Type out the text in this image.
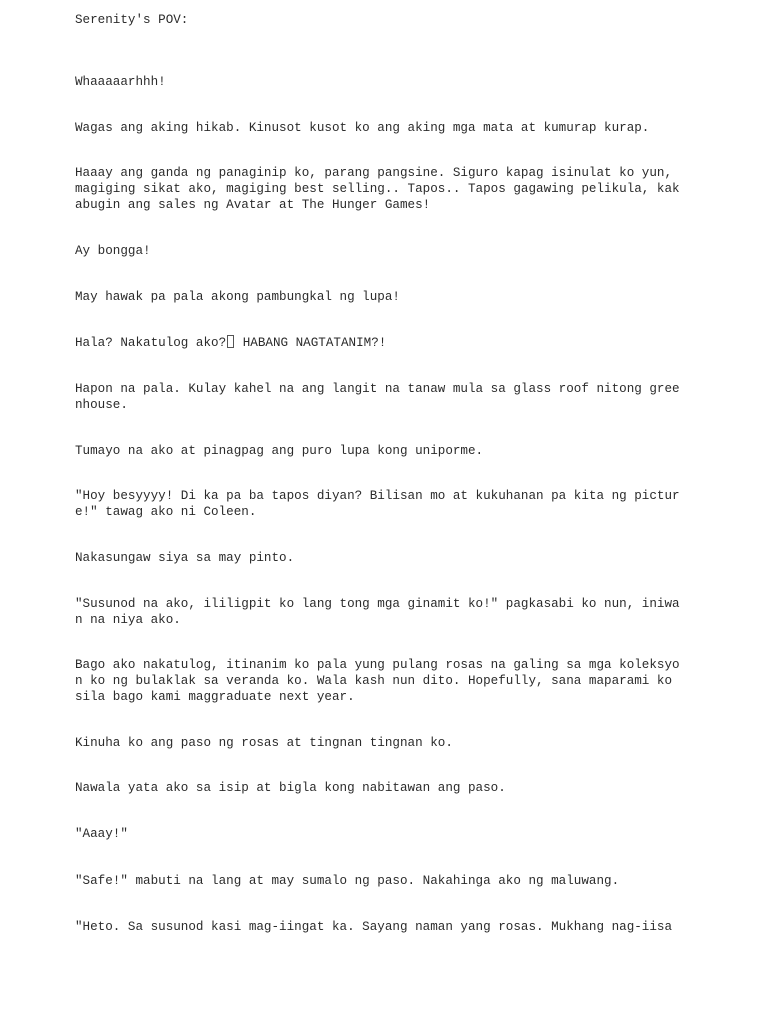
Serenity's POV:

Whaaaaarhhh!

Wagas ang aking hikab. Kinusot kusot ko ang aking mga mata at kumurap kurap.

Haaay ang ganda ng panaginip ko, parang pangsine. Siguro kapag isinulat ko yun,
magiging sikat ako, magiging best selling.. Tapos.. Tapos gagawing pelikula, kak
abugin ang sales ng Avatar at The Hunger Games!

Ay bongga!

May hawak pa pala akong pambungkal ng lupa!

Hala? Nakatulog ako? HABANG NAGTATANIM?!

Hapon na pala. Kulay kahel na ang langit na tanaw mula sa glass roof nitong gree
nhouse.

Tumayo na ako at pinagpag ang puro lupa kong uniporme.

"Hoy besyyyy! Di ka pa ba tapos diyan? Bilisan mo at kukuhanan pa kita ng pictur
e!" tawag ako ni Coleen.

Nakasungaw siya sa may pinto.

"Susunod na ako, ililigpit ko lang tong mga ginamit ko!" pagkasabi ko nun, iniwa
n na niya ako.

Bago ako nakatulog, itinanim ko pala yung pulang rosas na galing sa mga koleksyo
n ko ng bulaklak sa veranda ko. Wala kash nun dito. Hopefully, sana maparami ko
sila bago kami maggraduate next year.

Kinuha ko ang paso ng rosas at tingnan tingnan ko.

Nawala yata ako sa isip at bigla kong nabitawan ang paso.

"Aaay!"

"Safe!" mabuti na lang at may sumalo ng paso. Nakahinga ako ng maluwang.

"Heto. Sa susunod kasi mag-iingat ka. Sayang naman yang rosas. Mukhang nag-iisa
